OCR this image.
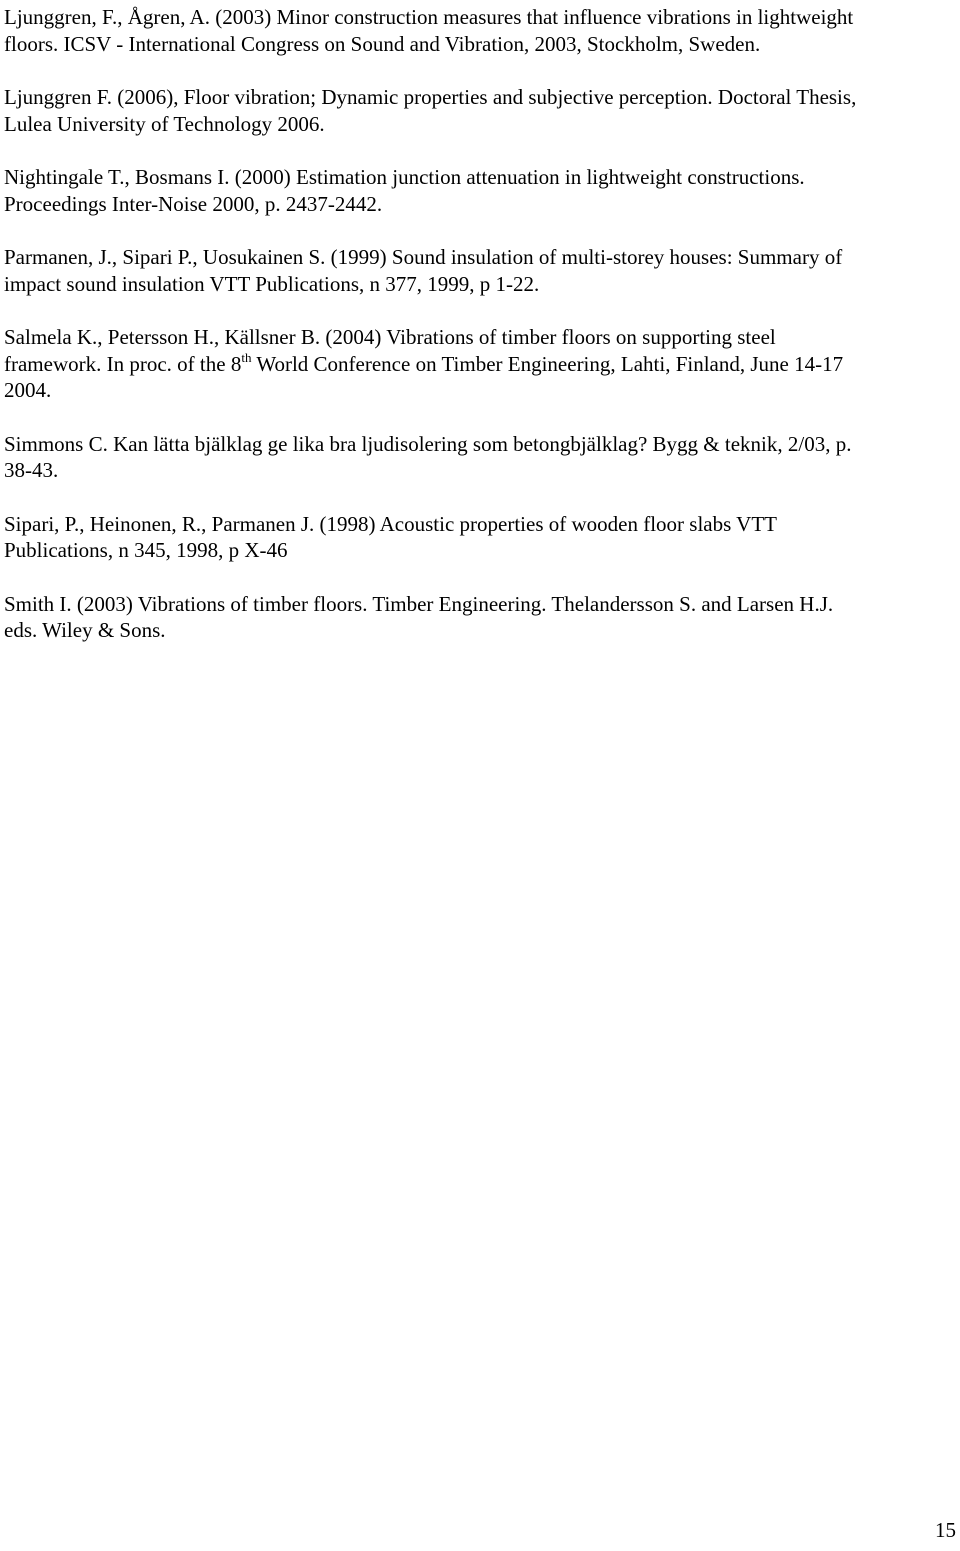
Ljunggren, F., Ågren, A. (2003) Minor construction measures that influence vibrations in lightweight
floors. ICSV - International Congress on Sound and Vibration, 2003, Stockholm, Sweden.

Ljunggren F. (2006), Floor vibration; Dynamic properties and subjective perception. Doctoral Thesis,
Lulea University of Technology 2006.

Nightingale T., Bosmans I. (2000) Estimation junction attenuation in lightweight constructions.
Proceedings Inter-Noise 2000, p. 2437-2442.

Parmanen, J., Sipari P., Uosukainen S. (1999) Sound insulation of multi-storey houses: Summary of
impact sound insulation VTT Publications, n 377, 1999, p 1-22.

Salmela K., Petersson H., Källsner B. (2004) Vibrations of timber floors on supporting steel
framework. In proc. of the 8th World Conference on Timber Engineering, Lahti, Finland, June 14-17
2004.

Simmons C. Kan lätta bjälklag ge lika bra ljudisolering som betongbjälklag? Bygg & teknik, 2/03, p.
38-43.

Sipari, P., Heinonen, R., Parmanen J. (1998) Acoustic properties of wooden floor slabs VTT
Publications, n 345, 1998, p X-46

Smith I. (2003) Vibrations of timber floors. Timber Engineering. Thelandersson S. and Larsen H.J.
eds. Wiley & Sons.

15
